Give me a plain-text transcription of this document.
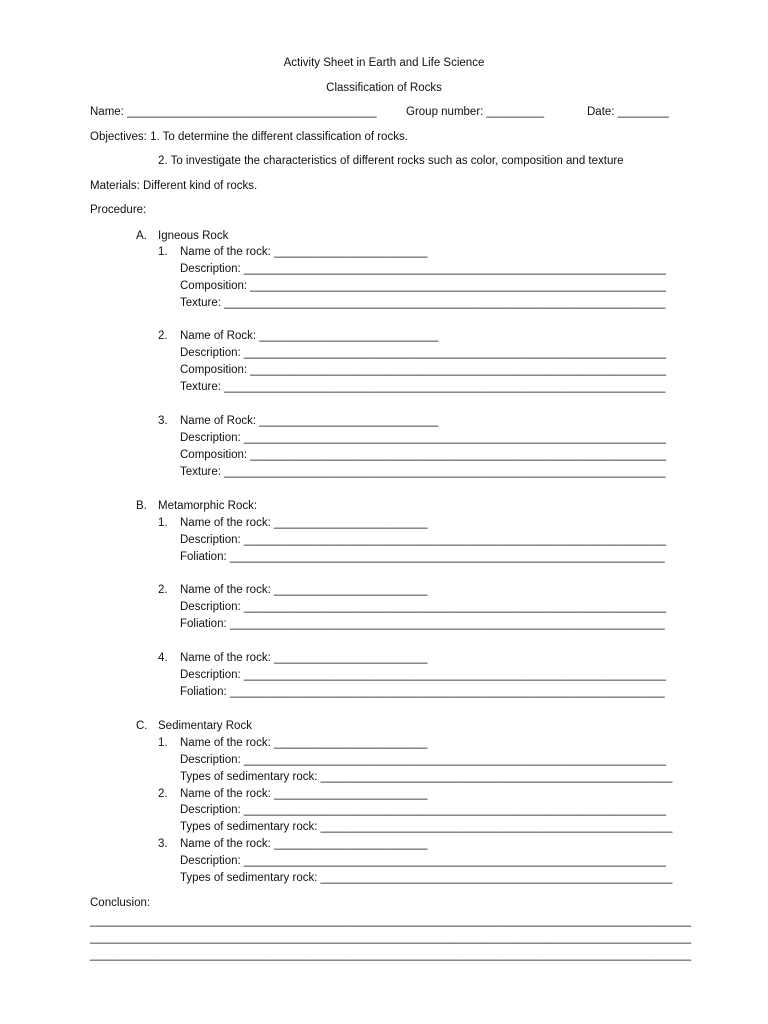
Activity Sheet in Earth and Life Science
Classification of Rocks
Name: _______________________________________	Group number: _________	Date: ________
Objectives: 1. To determine the different classification of rocks.
2. To investigate the characteristics of different rocks such as color, composition and texture
Materials: Different kind of rocks.
Procedure:
A. Igneous Rock
1. Name of the rock: ________________________
Description: __________________________________________________________________
Composition: _________________________________________________________________
Texture: _____________________________________________________________________
2. Name of Rock: ____________________________
Description: __________________________________________________________________
Composition: _________________________________________________________________
Texture: _____________________________________________________________________
3. Name of Rock: ____________________________
Description: __________________________________________________________________
Composition: _________________________________________________________________
Texture: _____________________________________________________________________
B. Metamorphic Rock:
1. Name of the rock: ________________________
Description: __________________________________________________________________
Foliation: ____________________________________________________________________
2. Name of the rock: ________________________
Description: __________________________________________________________________
Foliation: ____________________________________________________________________
4. Name of the rock: ________________________
Description: __________________________________________________________________
Foliation: ____________________________________________________________________
C. Sedimentary Rock
1. Name of the rock: ________________________
Description: __________________________________________________________________
Types of sedimentary rock: _______________________________________________________
2. Name of the rock: ________________________
Description: __________________________________________________________________
Types of sedimentary rock: _______________________________________________________
3. Name of the rock: ________________________
Description: __________________________________________________________________
Types of sedimentary rock: _______________________________________________________
Conclusion:
______________________________________________________________________________________________
______________________________________________________________________________________________
______________________________________________________________________________________________
